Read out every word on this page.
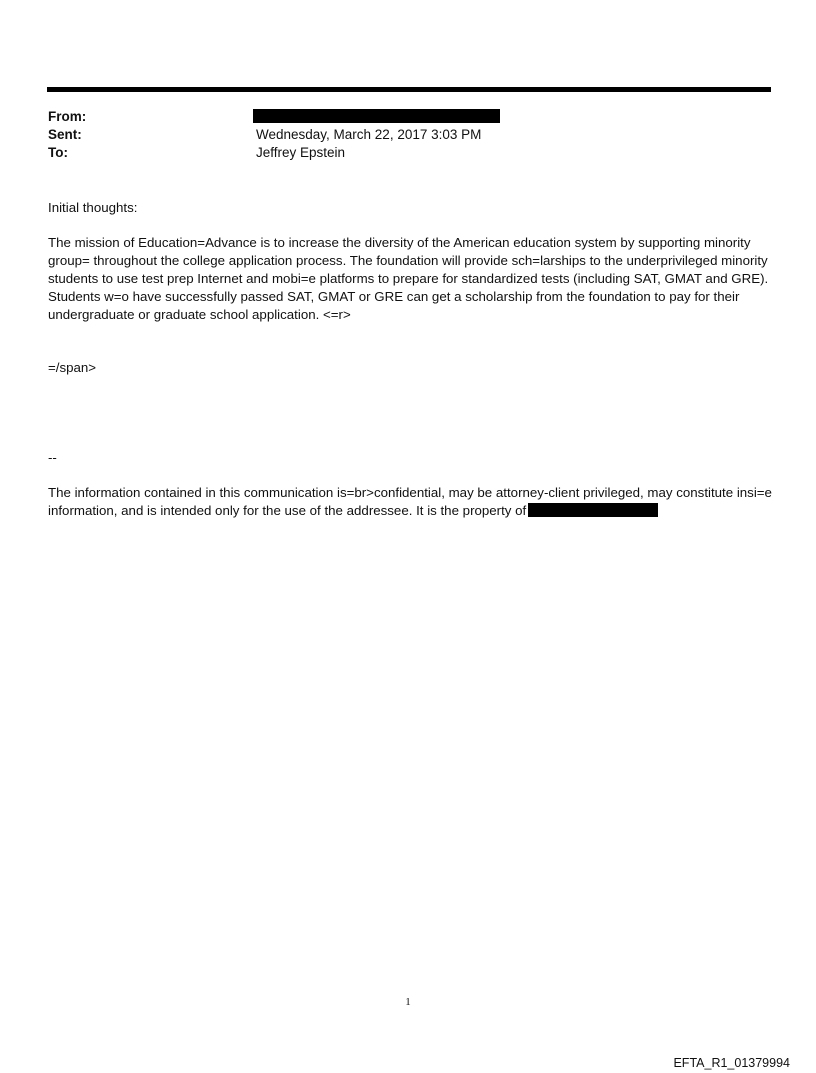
From:
Sent:	Wednesday, March 22, 2017 3:03 PM
To:	Jeffrey Epstein

Initial thoughts:

The mission of Education=Advance is to increase the diversity of the American education system by supporting minority group= throughout the college application process. The foundation will provide sch=larships to the underprivileged minority students to use test prep Internet and mobi=e platforms to prepare for standardized tests (including SAT, GMAT and GRE). Students w=o have successfully passed SAT, GMAT or GRE can get a scholarship from the foundation to pay for their undergraduate or graduate school application. <=r>

=/span>

--

The information contained in this communication is=br>confidential, may be attorney-client privileged, may constitute insi=e information, and is intended only for the use of the addressee. It is the property of

1
EFTA_R1_01379994
